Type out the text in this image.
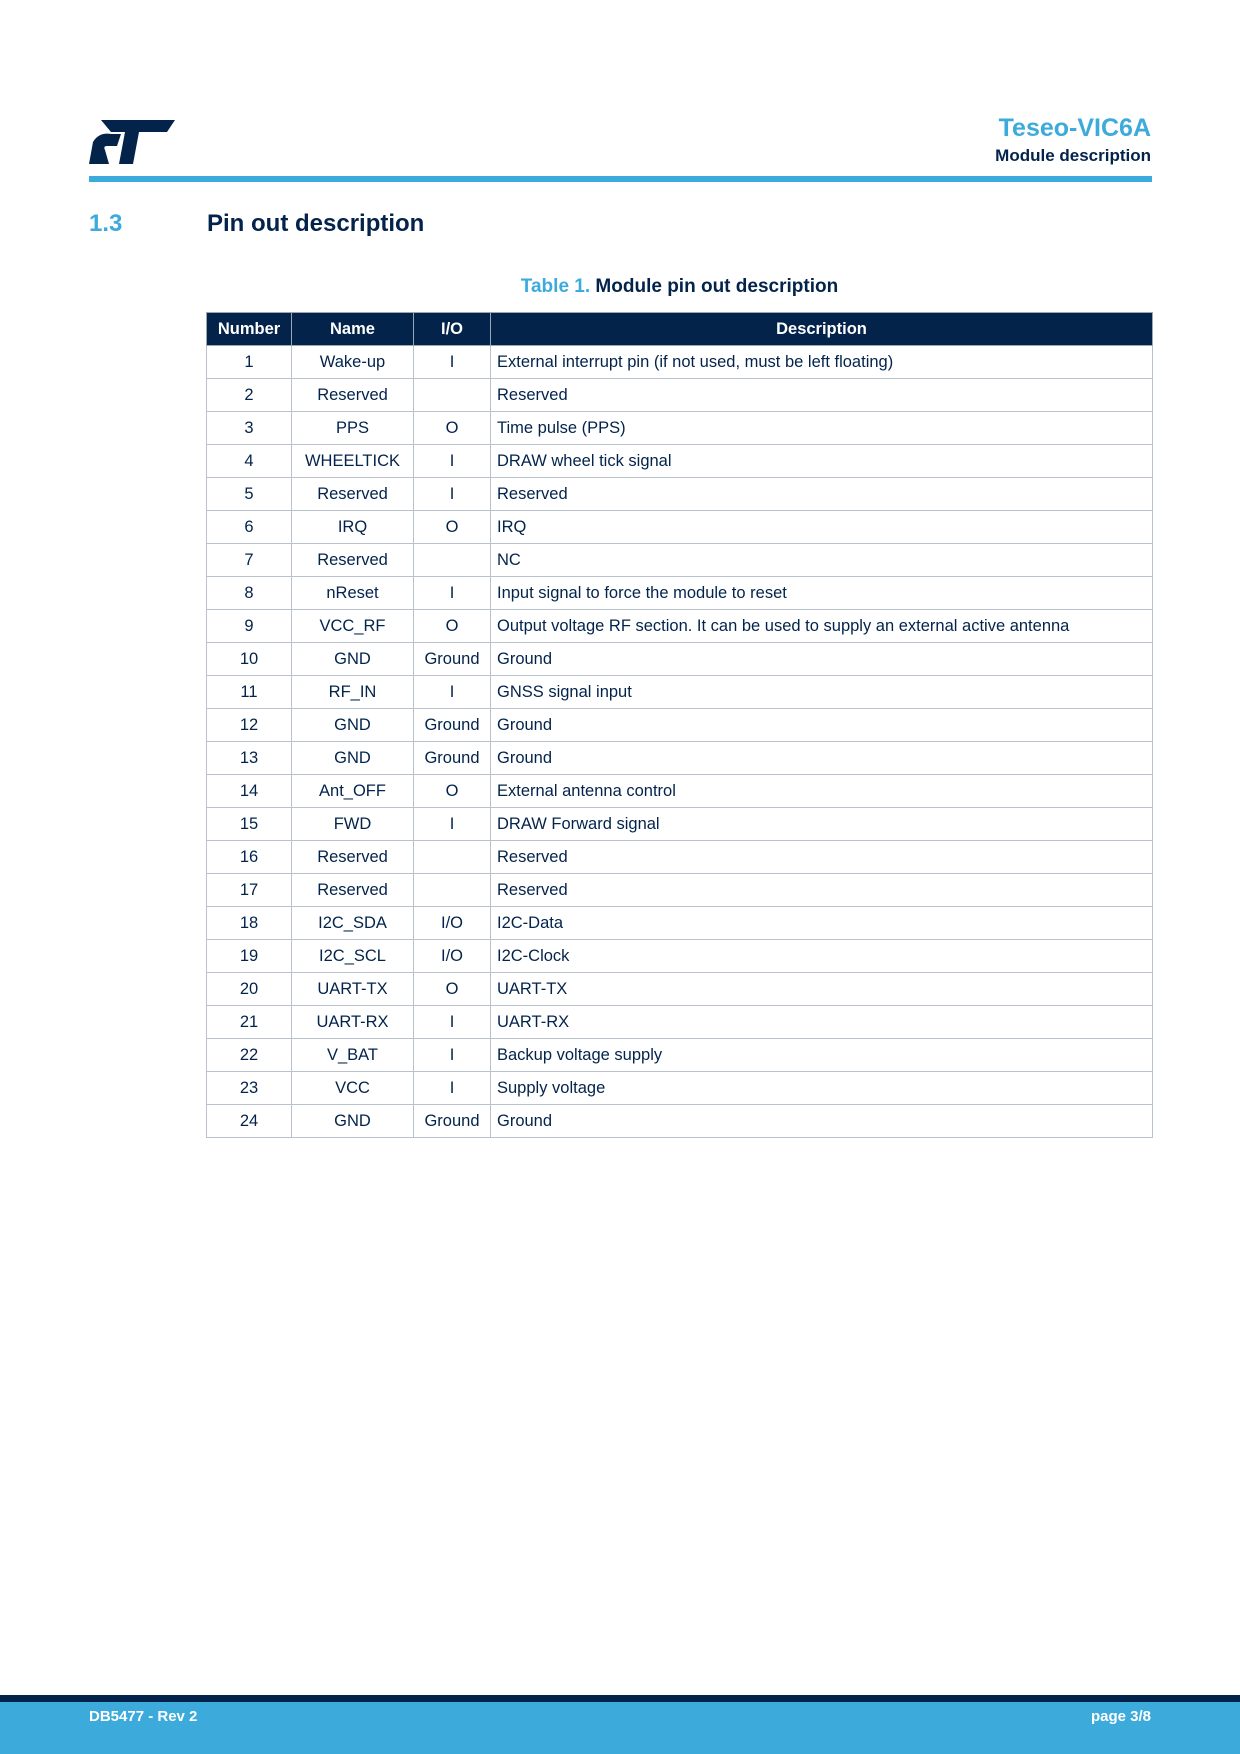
Teseo-VIC6A
Module description
1.3	Pin out description
Table 1. Module pin out description
Number	Name	I/O	Description
1	Wake-up	I	External interrupt pin (if not used, must be left floating)
2	Reserved		Reserved
3	PPS	O	Time pulse (PPS)
4	WHEELTICK	I	DRAW wheel tick signal
5	Reserved	I	Reserved
6	IRQ	O	IRQ
7	Reserved		NC
8	nReset	I	Input signal to force the module to reset
9	VCC_RF	O	Output voltage RF section. It can be used to supply an external active antenna
10	GND	Ground	Ground
11	RF_IN	I	GNSS signal input
12	GND	Ground	Ground
13	GND	Ground	Ground
14	Ant_OFF	O	External antenna control
15	FWD	I	DRAW Forward signal
16	Reserved		Reserved
17	Reserved		Reserved
18	I2C_SDA	I/O	I2C-Data
19	I2C_SCL	I/O	I2C-Clock
20	UART-TX	O	UART-TX
21	UART-RX	I	UART-RX
22	V_BAT	I	Backup voltage supply
23	VCC	I	Supply voltage
24	GND	Ground	Ground
DB5477 - Rev 2	page 3/8
